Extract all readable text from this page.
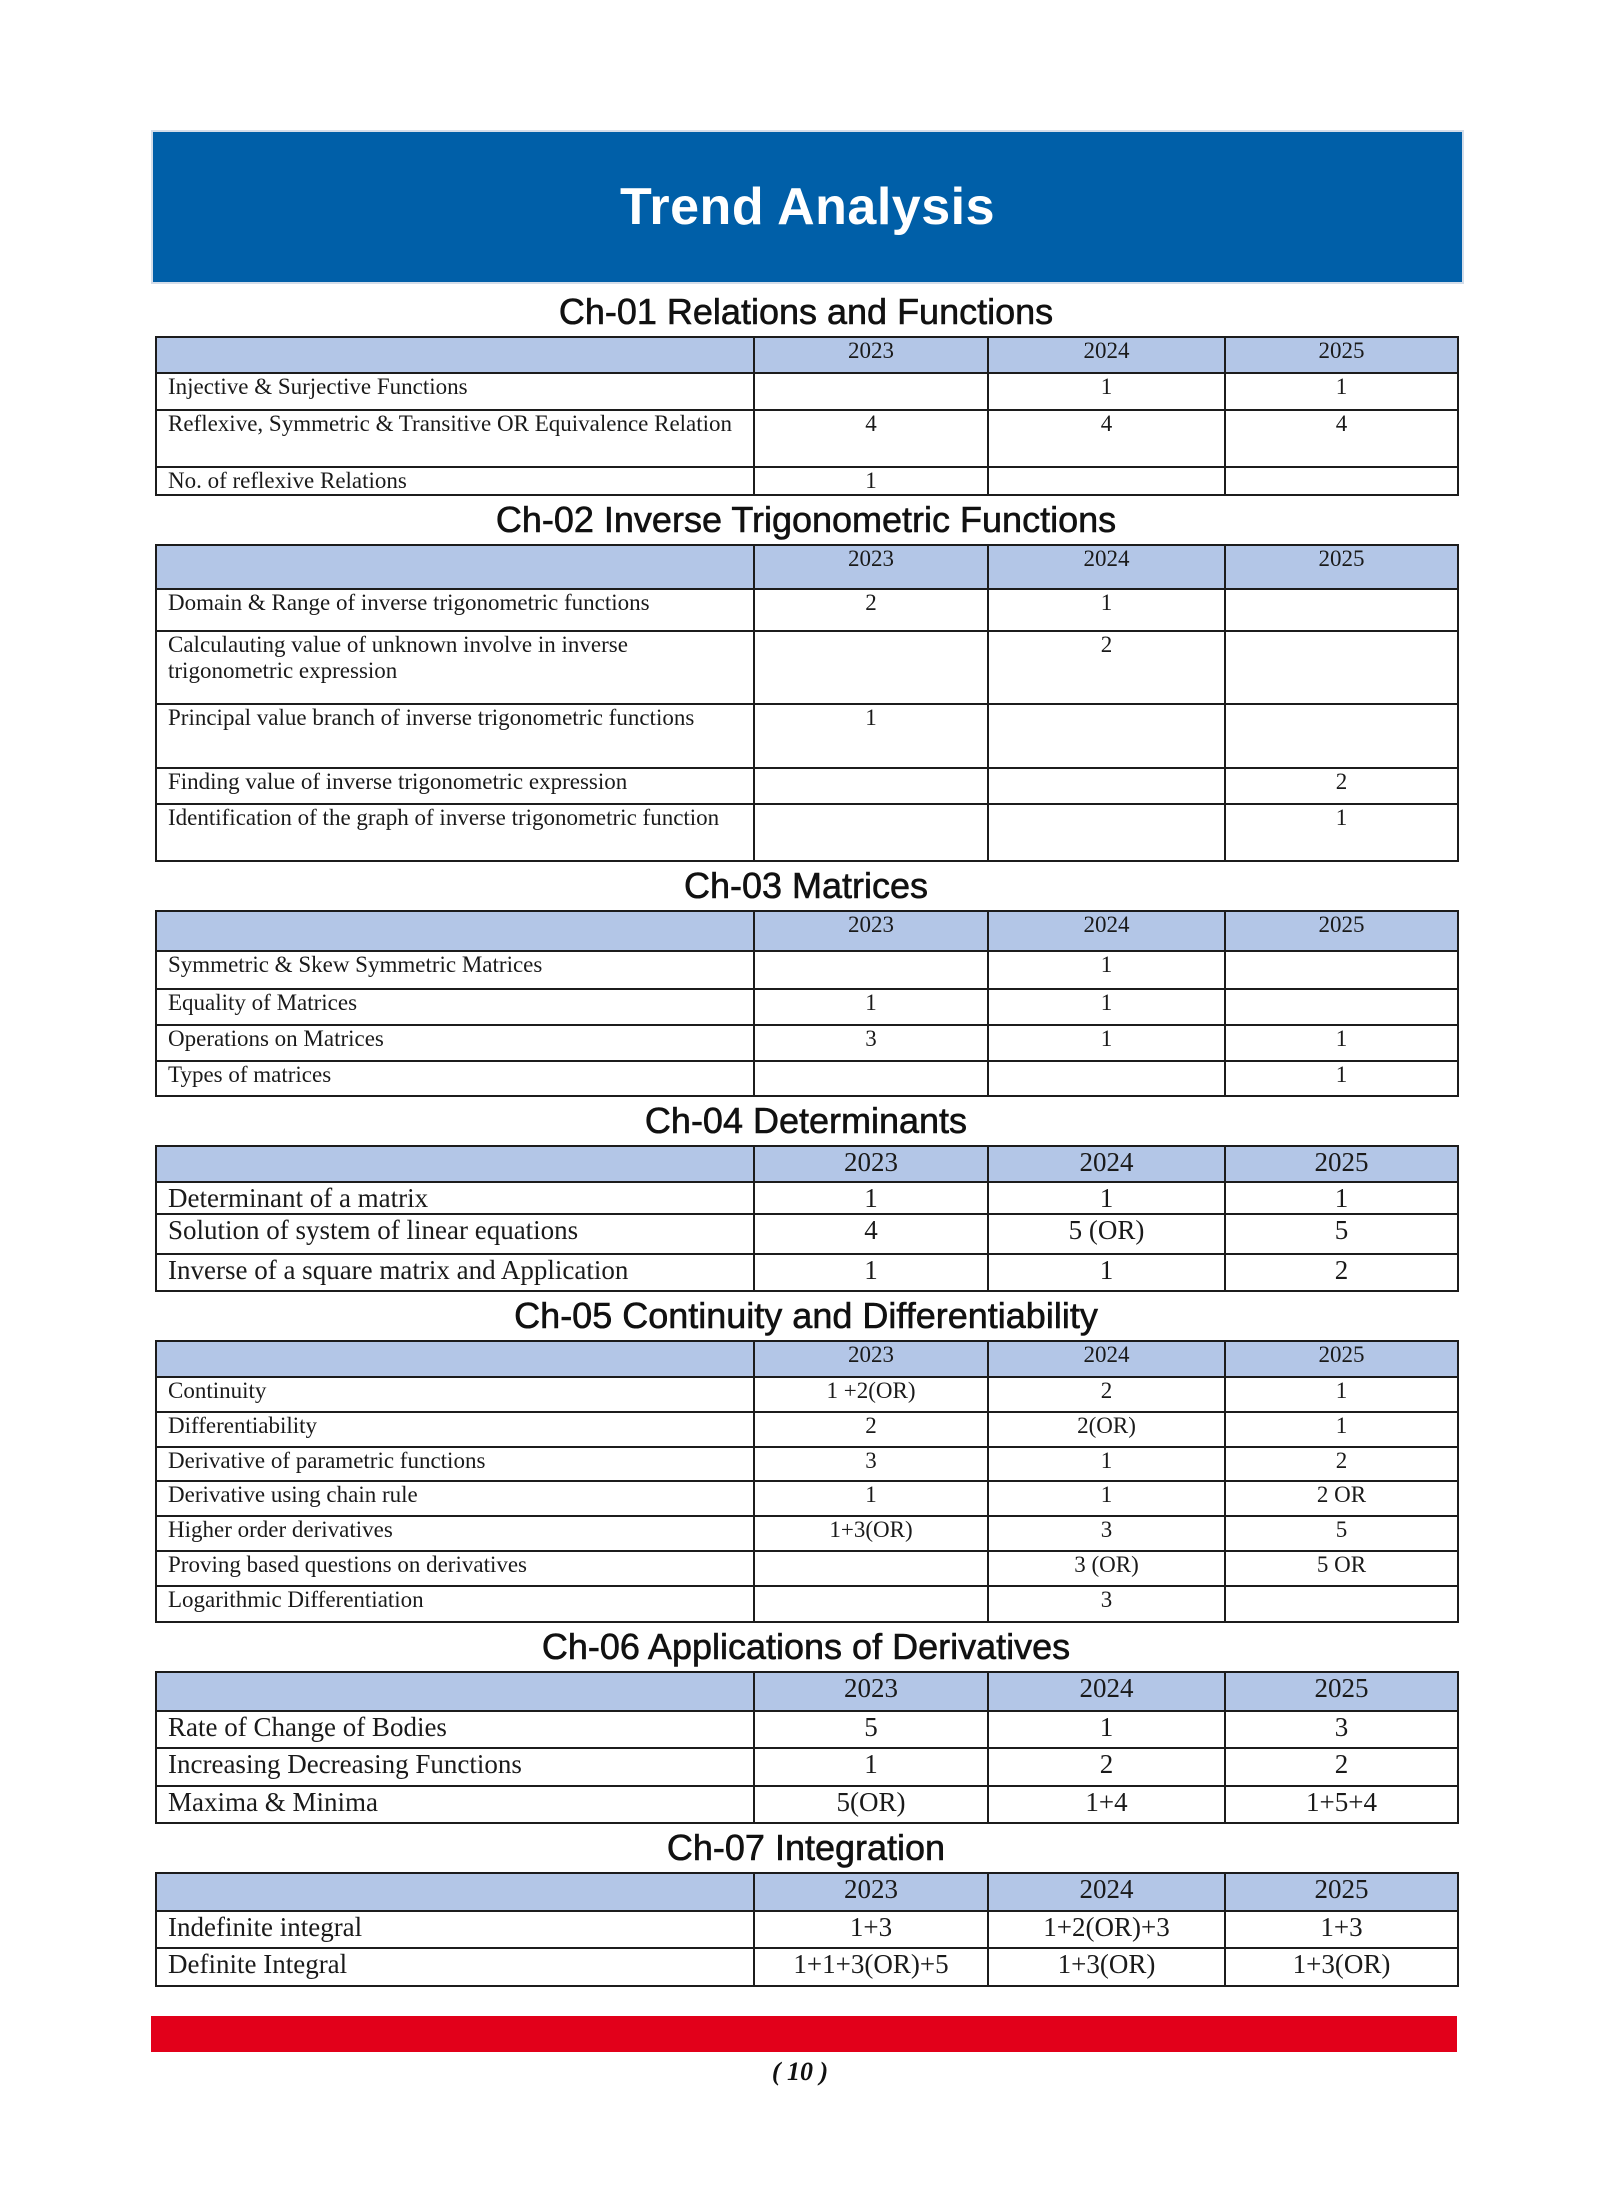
Trend Analysis
Ch-01 Relations and Functions
	2023	2024	2025
Injective & Surjective Functions		1	1
Reflexive, Symmetric & Transitive OR Equivalence Relation	4	4	4
No. of reflexive Relations	1		
Ch-02 Inverse Trigonometric Functions
	2023	2024	2025
Domain & Range of inverse trigonometric functions	2	1	
Calculauting value of unknown involve in inverse trigonometric expression		2	
Principal value branch of inverse trigonometric functions	1		
Finding value of inverse trigonometric expression			2
Identification of the graph of inverse trigonometric function			1
Ch-03 Matrices
	2023	2024	2025
Symmetric & Skew Symmetric Matrices		1	
Equality of Matrices	1	1	
Operations on Matrices	3	1	1
Types of matrices			1
Ch-04 Determinants
	2023	2024	2025
Determinant of a matrix	1	1	1
Solution of system of linear equations	4	5 (OR)	5
Inverse of a square matrix and Application	1	1	2
Ch-05 Continuity and Differentiability
	2023	2024	2025
Continuity	1 +2(OR)	2	1
Differentiability	2	2(OR)	1
Derivative of parametric functions	3	1	2
Derivative using chain rule	1	1	2 OR
Higher order derivatives	1+3(OR)	3	5
Proving based questions on derivatives		3 (OR)	5 OR
Logarithmic Differentiation		3	
Ch-06 Applications of Derivatives
	2023	2024	2025
Rate of Change of Bodies	5	1	3
Increasing Decreasing Functions	1	2	2
Maxima & Minima	5(OR)	1+4	1+5+4
Ch-07 Integration
	2023	2024	2025
Indefinite integral	1+3	1+2(OR)+3	1+3
Definite Integral	1+1+3(OR)+5	1+3(OR)	1+3(OR)
( 10 )
